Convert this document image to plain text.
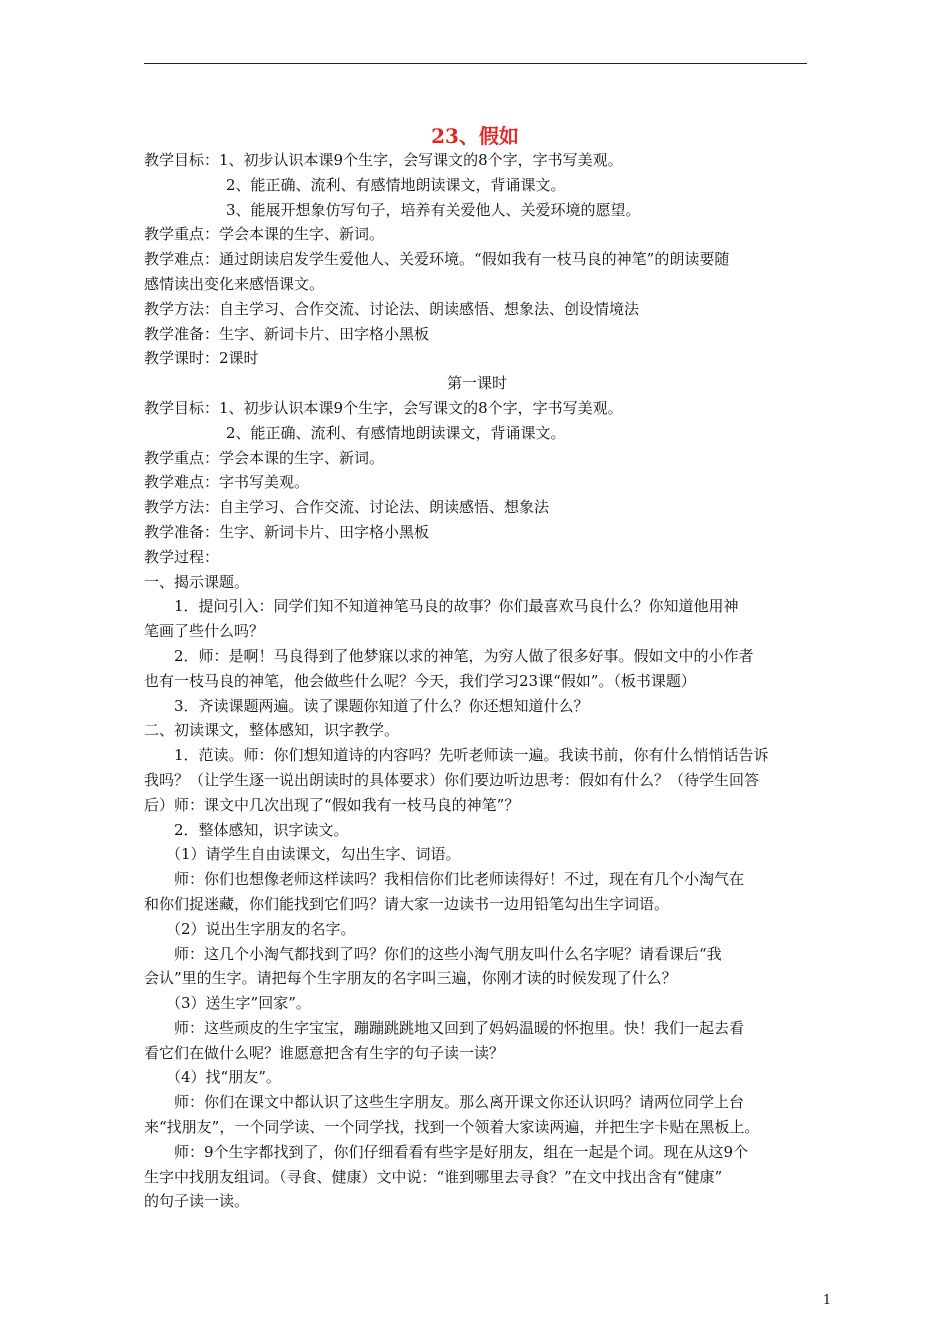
23、假如
教学目标：1、初步认识本课9个生字，会写课文的8个字，字书写美观。
2、能正确、流利、有感情地朗读课文，背诵课文。
3、能展开想象仿写句子，培养有关爱他人、关爱环境的愿望。
教学重点：学会本课的生字、新词。
教学难点：通过朗读启发学生爱他人、关爱环境。“假如我有一枝马良的神笔”的朗读要随
感情读出变化来感悟课文。
教学方法：自主学习、合作交流、讨论法、朗读感悟、想象法、创设情境法
教学准备：生字、新词卡片、田字格小黑板
教学课时：2课时
第一课时
教学目标：1、初步认识本课9个生字，会写课文的8个字，字书写美观。
2、能正确、流利、有感情地朗读课文，背诵课文。
教学重点：学会本课的生字、新词。
教学难点：字书写美观。
教学方法：自主学习、合作交流、讨论法、朗读感悟、想象法
教学准备：生字、新词卡片、田字格小黑板
教学过程：
一、揭示课题。
1．提问引入：同学们知不知道神笔马良的故事？你们最喜欢马良什么？你知道他用神
笔画了些什么吗？
2．师：是啊！马良得到了他梦寐以求的神笔，为穷人做了很多好事。假如文中的小作者
也有一枝马良的神笔，他会做些什么呢？今天，我们学习23课“假如”。（板书课题）
3．齐读课题两遍。读了课题你知道了什么？你还想知道什么？
二、初读课文，整体感知，识字教学。
1．范读。师：你们想知道诗的内容吗？先听老师读一遍。我读书前，你有什么悄悄话告诉
我吗？（让学生逐一说出朗读时的具体要求）你们要边听边思考：假如有什么？（待学生回答
后）师：课文中几次出现了“假如我有一枝马良的神笔”？
2．整体感知，识字读文。
（1）请学生自由读课文，勾出生字、词语。
师：你们也想像老师这样读吗？我相信你们比老师读得好！不过，现在有几个小淘气在
和你们捉迷藏，你们能找到它们吗？请大家一边读书一边用铅笔勾出生字词语。
（2）说出生字朋友的名字。
师：这几个小淘气都找到了吗？你们的这些小淘气朋友叫什么名字呢？请看课后“我
会认”里的生字。请把每个生字朋友的名字叫三遍，你刚才读的时候发现了什么？
（3）送生字”回家”。
师：这些顽皮的生字宝宝，蹦蹦跳跳地又回到了妈妈温暖的怀抱里。快！我们一起去看
看它们在做什么呢？谁愿意把含有生字的句子读一读？
（4）找“朋友”。
师：你们在课文中都认识了这些生字朋友。那么离开课文你还认识吗？请两位同学上台
来“找朋友”，一个同学读、一个同学找，找到一个领着大家读两遍，并把生字卡贴在黑板上。
师：9个生字都找到了，你们仔细看看有些字是好朋友，组在一起是个词。现在从这9个
生字中找朋友组词。（寻食、健康）文中说：“谁到哪里去寻食？”在文中找出含有“健康”
的句子读一读。
1
